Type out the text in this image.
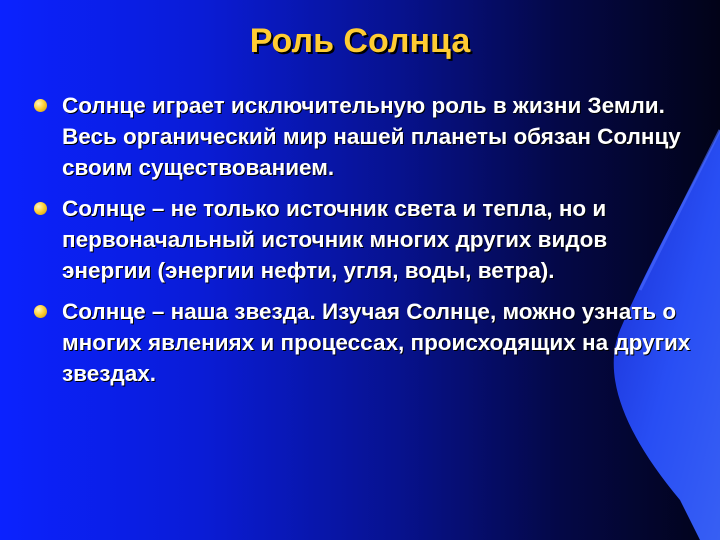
Роль Солнца
Солнце играет исключительную роль в жизни Земли. Весь органический мир нашей планеты обязан Солнцу своим существованием.
Солнце – не только источник света и тепла, но и первоначальный источник многих других видов энергии (энергии нефти, угля, воды, ветра).
Солнце – наша звезда. Изучая Солнце, можно узнать о многих явлениях и процессах, происходящих на других звездах.
